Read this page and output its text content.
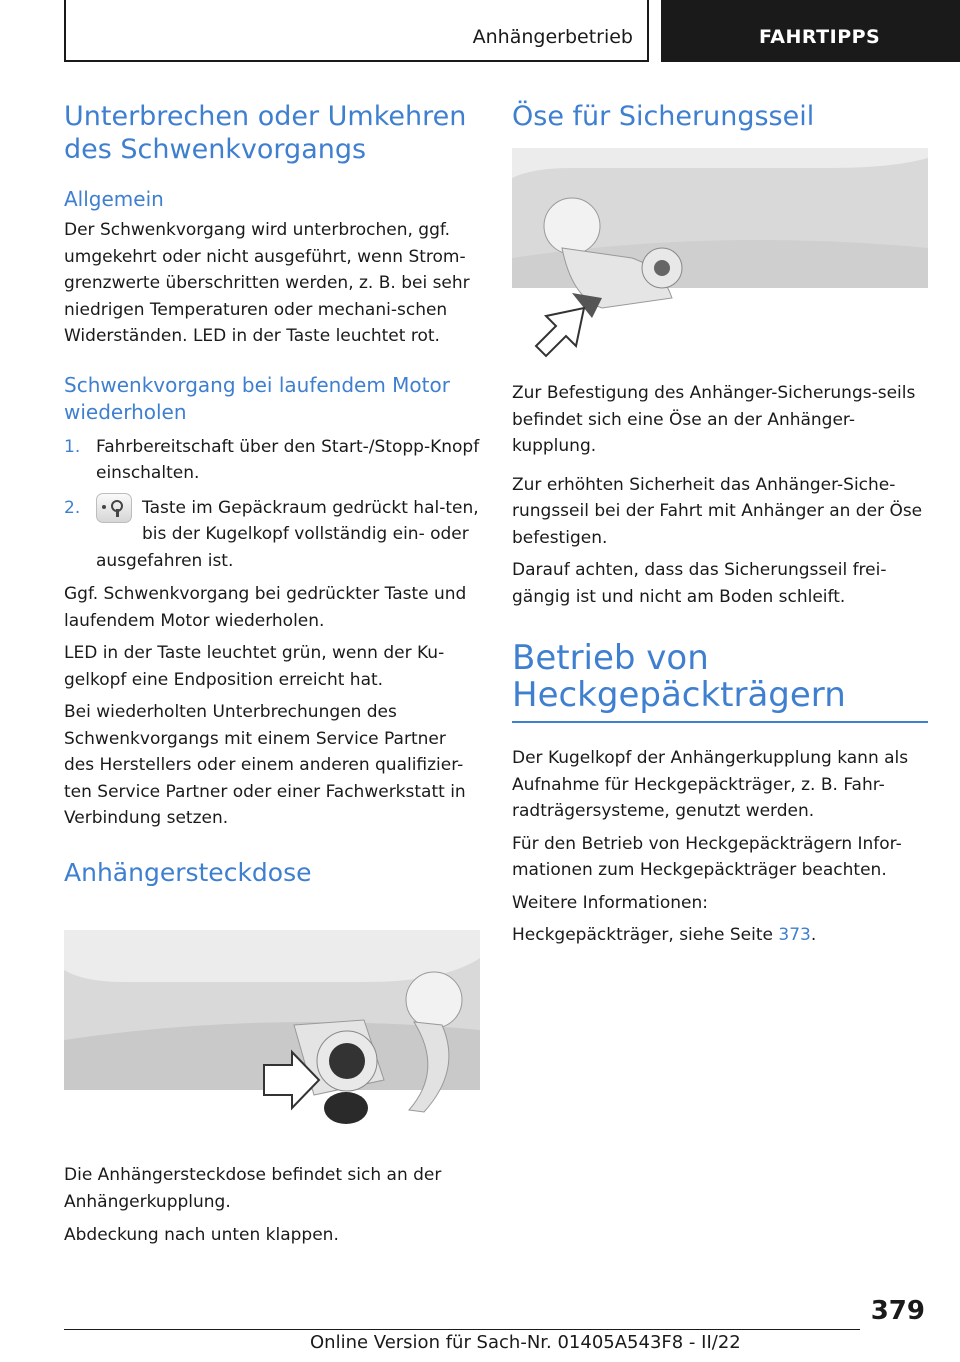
Anhängerbetrieb	FAHRTIPPS
Unterbrechen oder Umkehren des Schwenkvorgangs
Allgemein

Der Schwenkvorgang wird unterbrochen, ggf. umgekehrt oder nicht ausgeführt, wenn Strom-grenzwerte überschritten werden, z. B. bei sehr niedrigen Temperaturen oder mechani-schen Widerständen. LED in der Taste leuchtet rot.

Schwenkvorgang bei laufendem Motor wiederholen
1. Fahrbereitschaft über den Start-/Stopp-Knopf einschalten.

2.	Taste im Gepäckraum gedrückt hal-ten, bis der Kugelkopf vollständig ein- oder ausgefahren ist.

Ggf. Schwenkvorgang bei gedrückter Taste und laufendem Motor wiederholen.

LED in der Taste leuchtet grün, wenn der Ku-gelkopf eine Endposition erreicht hat.

Bei wiederholten Unterbrechungen des Schwenkvorgangs mit einem Service Partner des Herstellers oder einem anderen qualifizier-ten Service Partner oder einer Fachwerkstatt in Verbindung setzen.

Anhängersteckdose

Die Anhängersteckdose befindet sich an der Anhängerkupplung.

Abdeckung nach unten klappen.

Öse für Sicherungsseil

Zur Befestigung des Anhänger-Sicherungs-seils befindet sich eine Öse an der Anhänger-kupplung.

Zur erhöhten Sicherheit das Anhänger-Siche-rungsseil bei der Fahrt mit Anhänger an der Öse befestigen.

Darauf achten, dass das Sicherungsseil frei-gängig ist und nicht am Boden schleift.

Betrieb von Heckgepäckträgern

Der Kugelkopf der Anhängerkupplung kann als Aufnahme für Heckgepäckträger, z. B. Fahr-radträgersysteme, genutzt werden.

Für den Betrieb von Heckgepäckträgern Infor-mationen zum Heckgepäckträger beachten.

Weitere Informationen:

Heckgepäckträger, siehe Seite 373.

379
Online Version für Sach-Nr. 01405A543F8 - II/22
